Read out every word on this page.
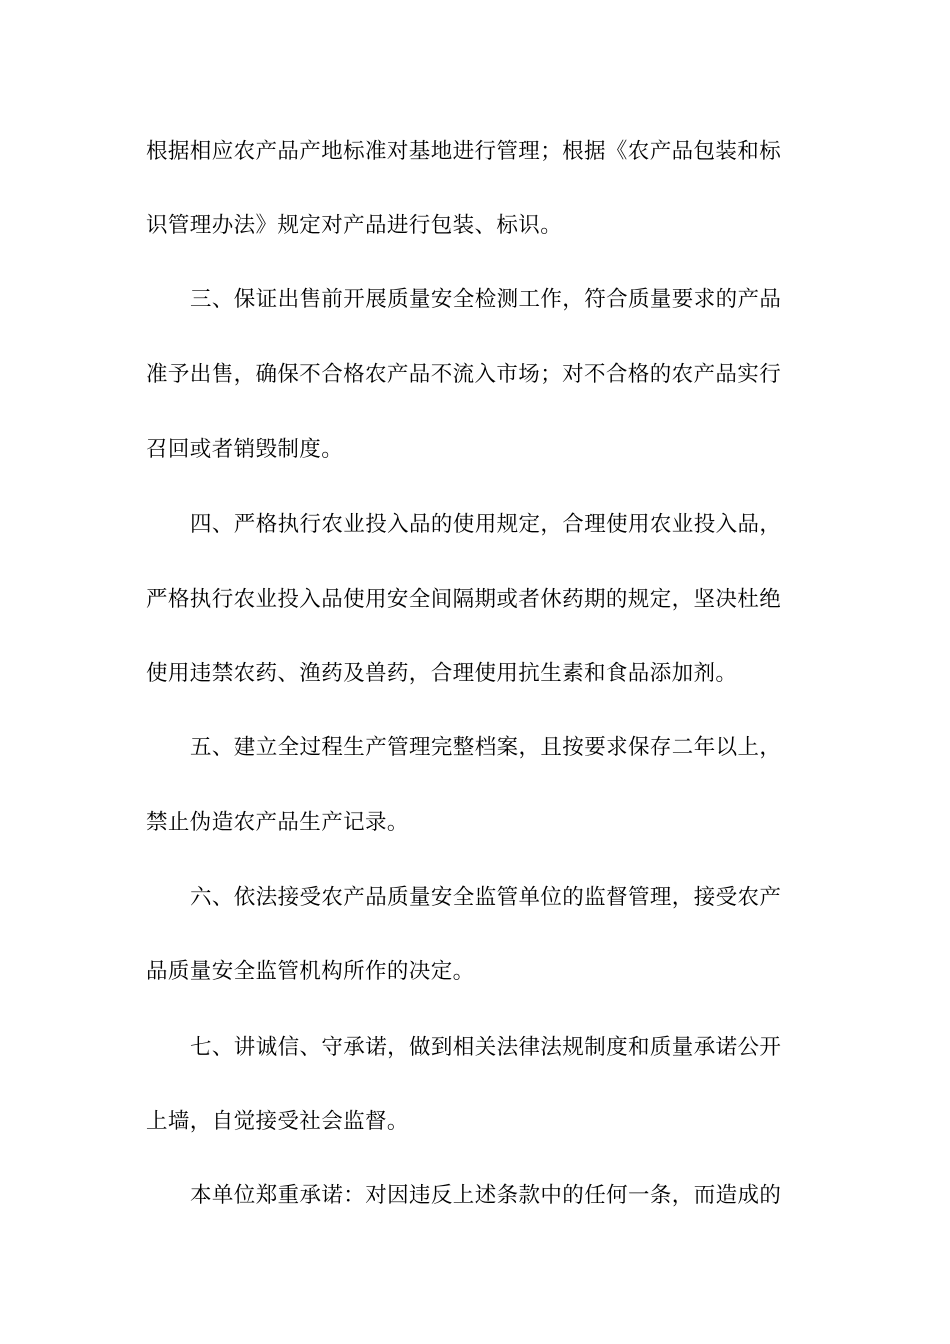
根据相应农产品产地标准对基地进行管理；根据《农产品包装和标
识管理办法》规定对产品进行包装、标识。
三、保证出售前开展质量安全检测工作，符合质量要求的产品
准予出售，确保不合格农产品不流入市场；对不合格的农产品实行
召回或者销毁制度。
四、严格执行农业投入品的使用规定，合理使用农业投入品，
严格执行农业投入品使用安全间隔期或者休药期的规定，坚决杜绝
使用违禁农药、渔药及兽药，合理使用抗生素和食品添加剂。
五、建立全过程生产管理完整档案，且按要求保存二年以上，
禁止伪造农产品生产记录。
六、依法接受农产品质量安全监管单位的监督管理，接受农产
品质量安全监管机构所作的决定。
七、讲诚信、守承诺，做到相关法律法规制度和质量承诺公开
上墙，自觉接受社会监督。
本单位郑重承诺：对因违反上述条款中的任何一条，而造成的
